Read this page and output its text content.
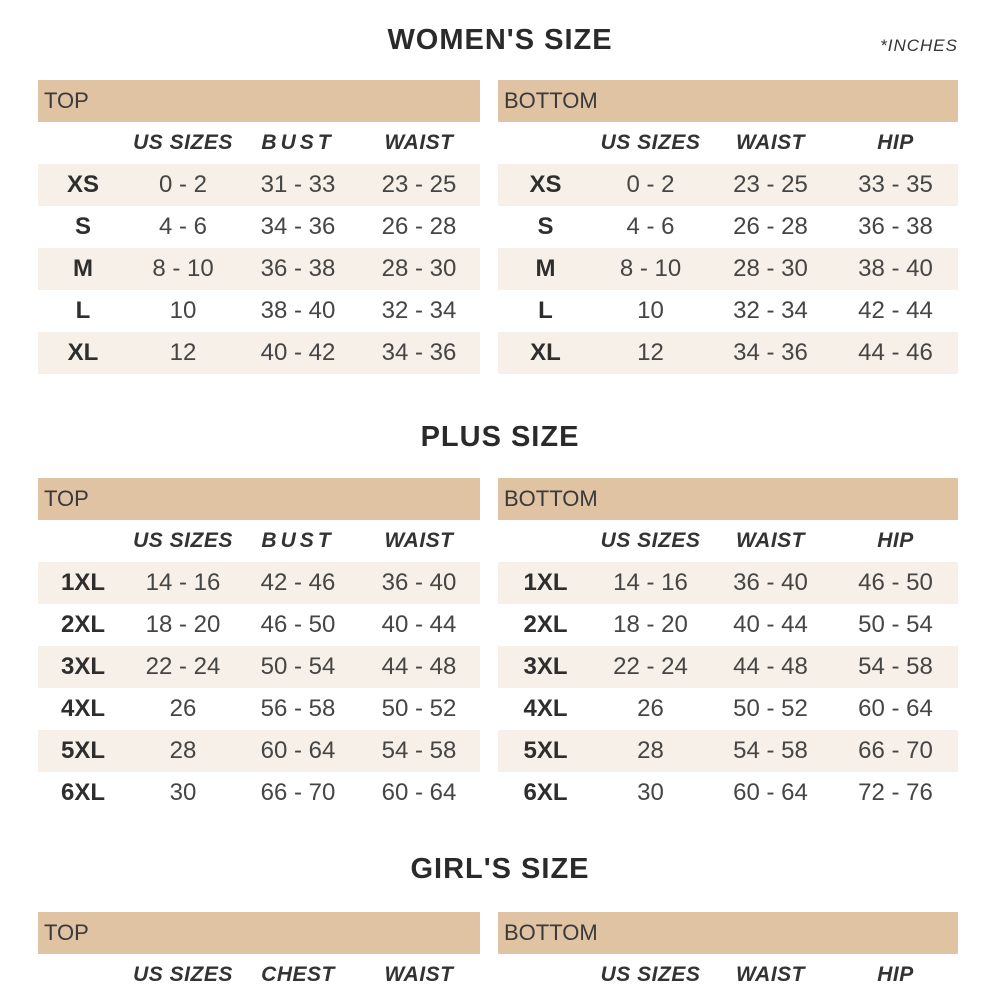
*INCHES
WOMEN'S SIZE
TOP
US SIZES	BUST	WAIST
XS	0 - 2	31 - 33	23 - 25
S	4 - 6	34 - 36	26 - 28
M	8 - 10	36 - 38	28 - 30
L	10	38 - 40	32 - 34
XL	12	40 - 42	34 - 36
BOTTOM
US SIZES	WAIST	HIP
XS	0 - 2	23 - 25	33 - 35
S	4 - 6	26 - 28	36 - 38
M	8 - 10	28 - 30	38 - 40
L	10	32 - 34	42 - 44
XL	12	34 - 36	44 - 46
PLUS SIZE
TOP
US SIZES	BUST	WAIST
1XL	14 - 16	42 - 46	36 - 40
2XL	18 - 20	46 - 50	40 - 44
3XL	22 - 24	50 - 54	44 - 48
4XL	26	56 - 58	50 - 52
5XL	28	60 - 64	54 - 58
6XL	30	66 - 70	60 - 64
BOTTOM
US SIZES	WAIST	HIP
1XL	14 - 16	36 - 40	46 - 50
2XL	18 - 20	40 - 44	50 - 54
3XL	22 - 24	44 - 48	54 - 58
4XL	26	50 - 52	60 - 64
5XL	28	54 - 58	66 - 70
6XL	30	60 - 64	72 - 76
GIRL'S SIZE
TOP
US SIZES	CHEST	WAIST
BOTTOM
US SIZES	WAIST	HIP
